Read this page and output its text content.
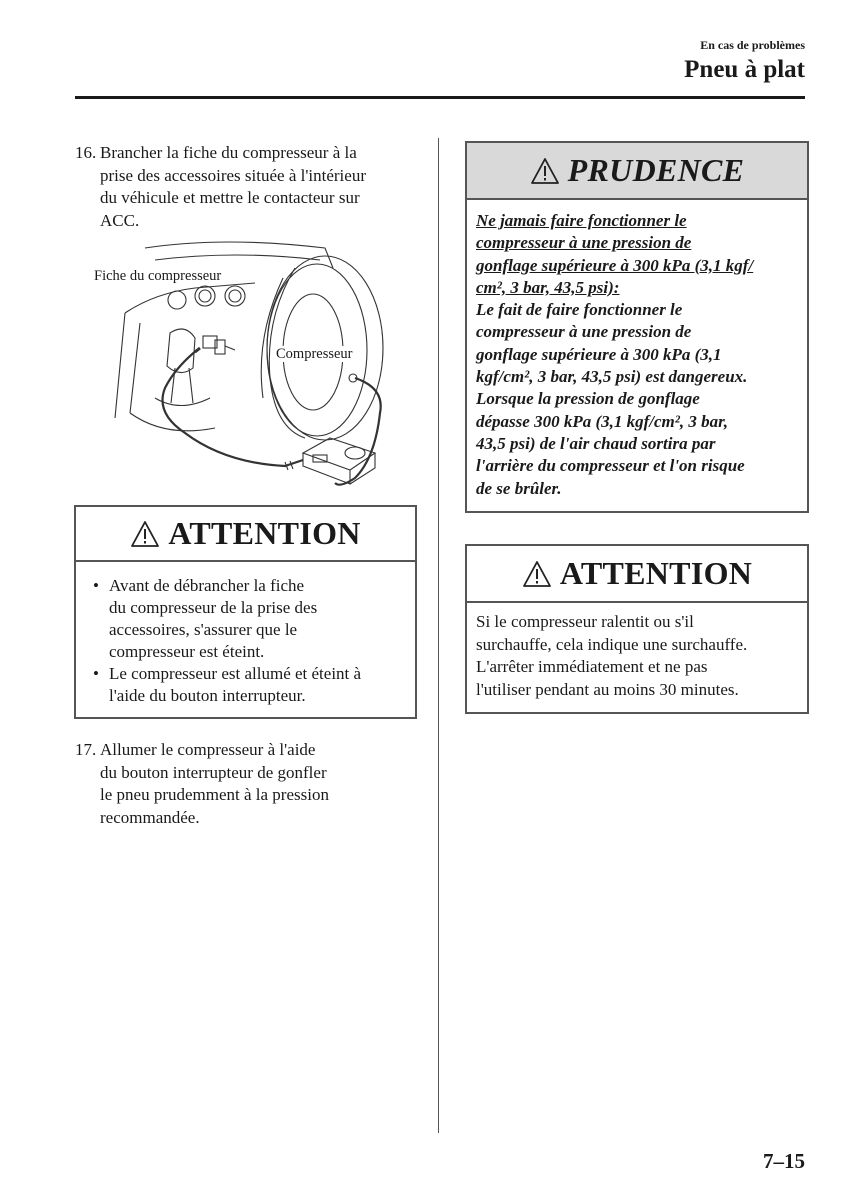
En cas de problèmes
Pneu à plat
16. Brancher la fiche du compresseur à la
prise des accessoires située à l'intérieur
du véhicule et mettre le contacteur sur
ACC.
Fiche du compresseur
Compresseur
ATTENTION
• Avant de débrancher la fiche
du compresseur de la prise des
accessoires, s'assurer que le
compresseur est éteint.
• Le compresseur est allumé et éteint à
l'aide du bouton interrupteur.
17. Allumer le compresseur à l'aide
du bouton interrupteur de gonfler
le pneu prudemment à la pression
recommandée.
PRUDENCE
Ne jamais faire fonctionner le
compresseur à une pression de
gonflage supérieure à 300 kPa (3,1 kgf/
cm², 3 bar, 43,5 psi):
Le fait de faire fonctionner le
compresseur à une pression de
gonflage supérieure à 300 kPa (3,1
kgf/cm², 3 bar, 43,5 psi) est dangereux.
Lorsque la pression de gonflage
dépasse 300 kPa (3,1 kgf/cm², 3 bar,
43,5 psi) de l'air chaud sortira par
l'arrière du compresseur et l'on risque
de se brûler.
ATTENTION
Si le compresseur ralentit ou s'il
surchauffe, cela indique une surchauffe.
L'arrêter immédiatement et ne pas
l'utiliser pendant au moins 30 minutes.
7–15
